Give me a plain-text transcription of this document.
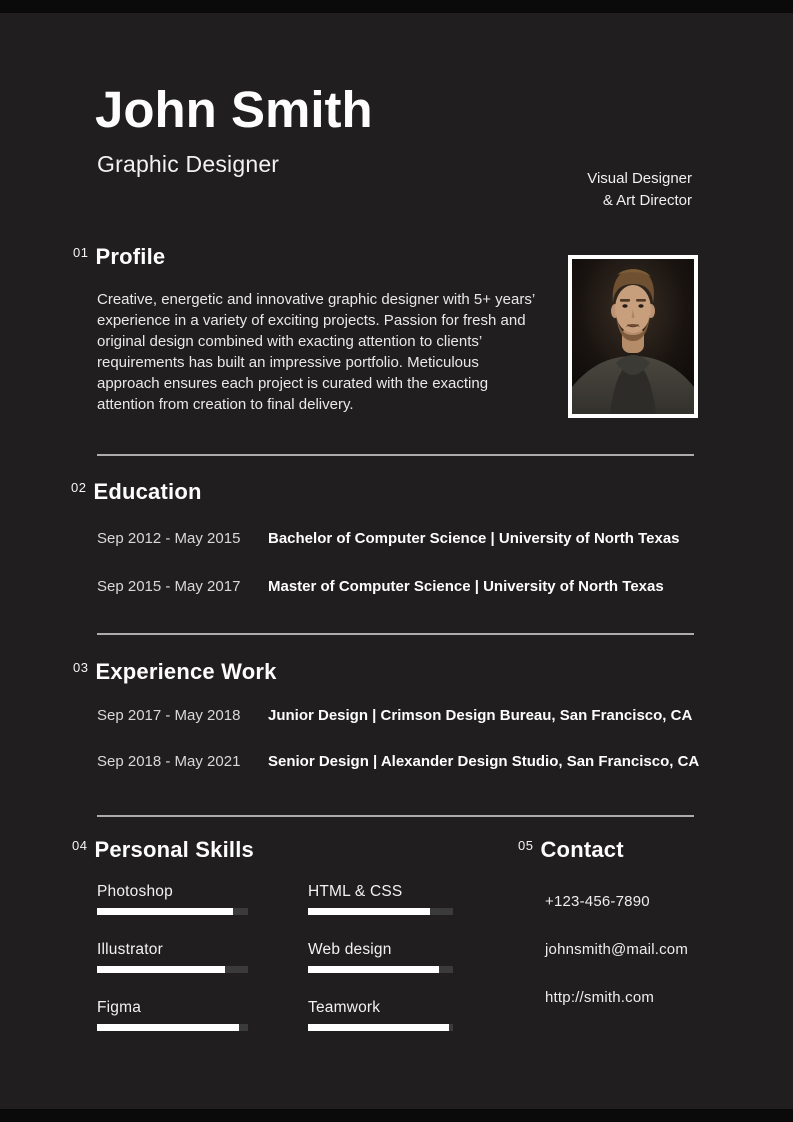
John Smith
Graphic Designer
Visual Designer
& Art Director
01 Profile
Creative, energetic and innovative graphic designer with 5+ years’ experience in a variety of exciting projects. Passion for fresh and original design combined with exacting attention to clients’ requirements has built an impressive portfolio. Meticulous approach ensures each project is curated with the exacting attention from creation to final delivery.
02 Education
Sep 2012 - May 2015	Bachelor of Computer Science | University of North Texas
Sep 2015 - May 2017	Master of Computer Science | University of North Texas
03 Experience Work
Sep 2017 - May 2018	Junior Design | Crimson Design Bureau, San Francisco, CA
Sep 2018 - May 2021	Senior Design | Alexander Design Studio, San Francisco, CA
04 Personal Skills
Photoshop
Illustrator
Figma
HTML & CSS
Web design
Teamwork
05 Contact
+123-456-7890
johnsmith@mail.com
http://smith.com
